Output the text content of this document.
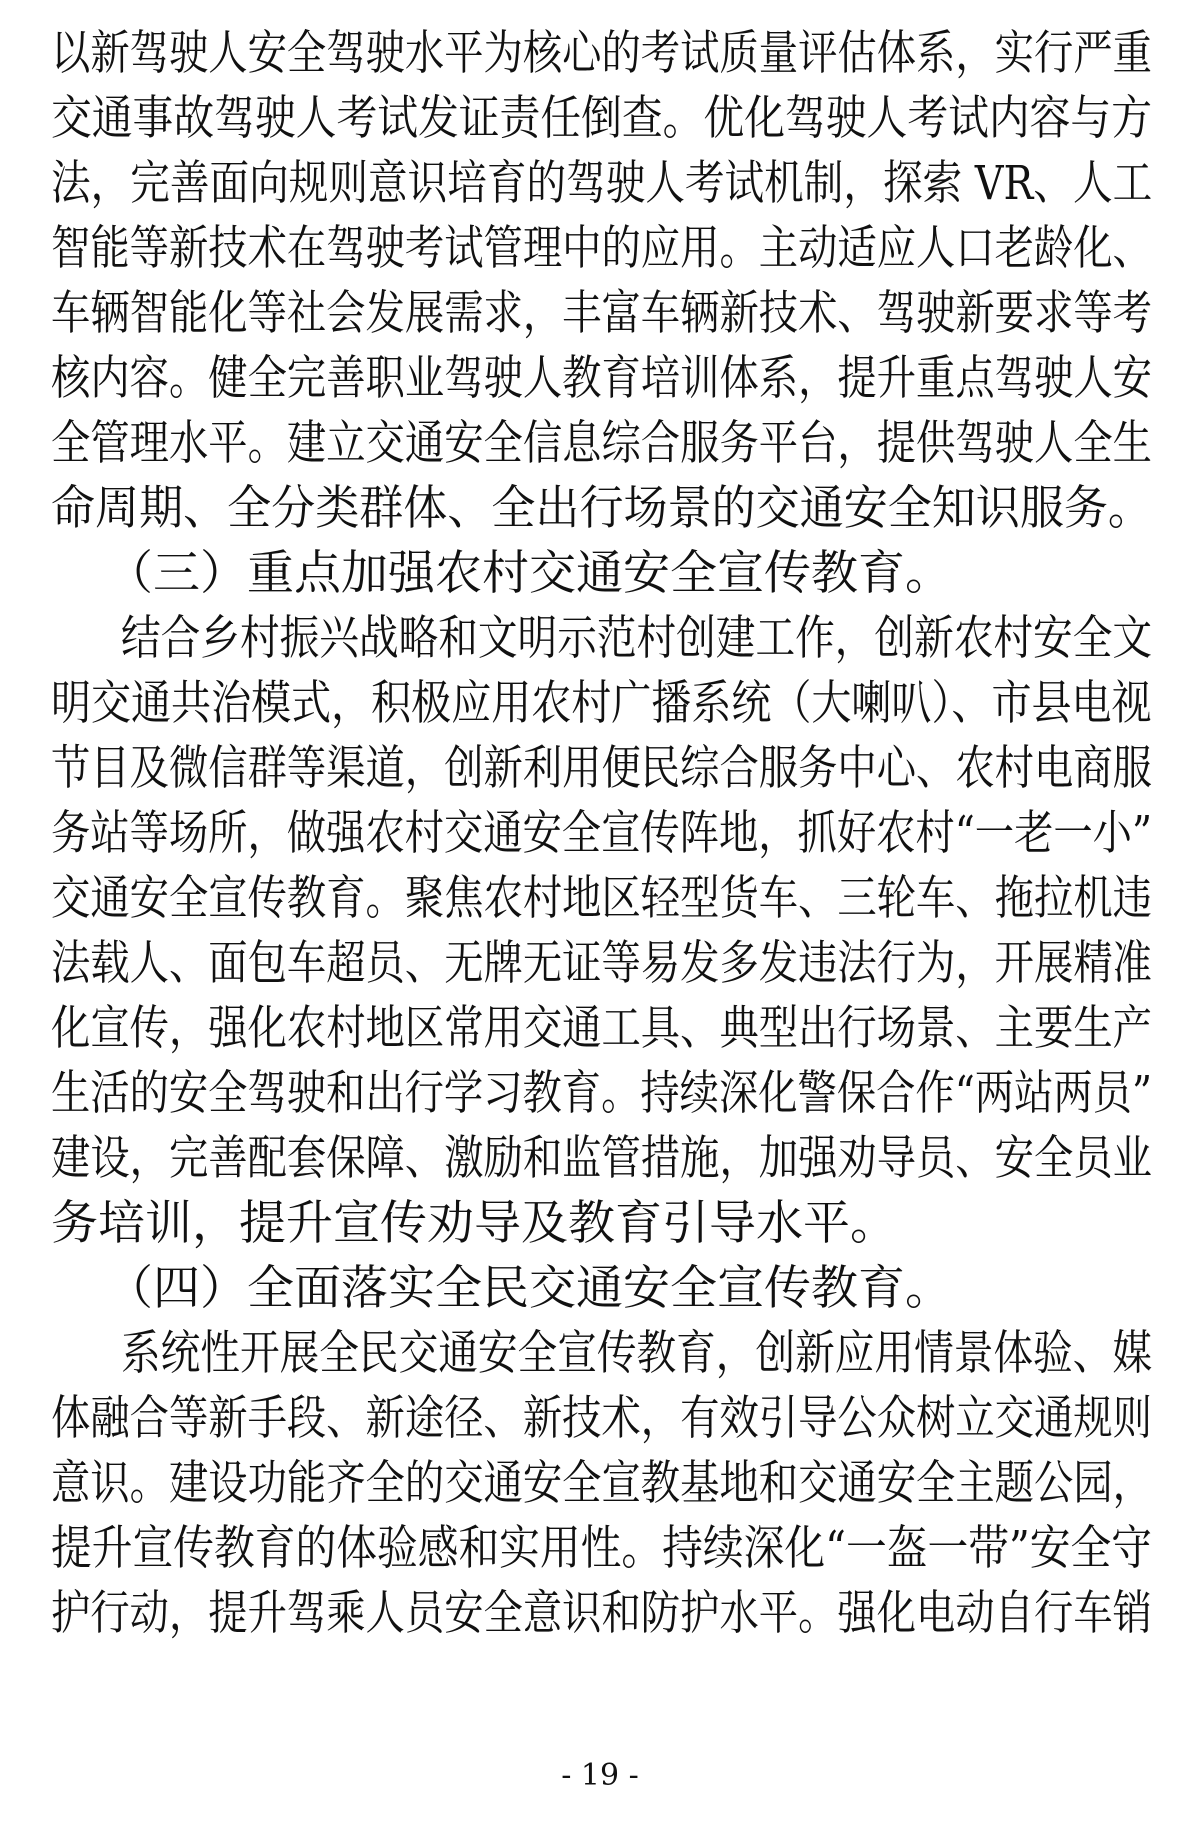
以新驾驶人安全驾驶水平为核心的考试质量评估体系，实行严重
交通事故驾驶人考试发证责任倒查。优化驾驶人考试内容与方
法，完善面向规则意识培育的驾驶人考试机制，探索 VR、人工
智能等新技术在驾驶考试管理中的应用。主动适应人口老龄化、
车辆智能化等社会发展需求，丰富车辆新技术、驾驶新要求等考
核内容。健全完善职业驾驶人教育培训体系，提升重点驾驶人安
全管理水平。建立交通安全信息综合服务平台，提供驾驶人全生
命周期、全分类群体、全出行场景的交通安全知识服务。
（三）重点加强农村交通安全宣传教育。
结合乡村振兴战略和文明示范村创建工作，创新农村安全文
明交通共治模式，积极应用农村广播系统（大喇叭）、市县电视
节目及微信群等渠道，创新利用便民综合服务中心、农村电商服
务站等场所，做强农村交通安全宣传阵地，抓好农村“一老一小”
交通安全宣传教育。聚焦农村地区轻型货车、三轮车、拖拉机违
法载人、面包车超员、无牌无证等易发多发违法行为，开展精准
化宣传，强化农村地区常用交通工具、典型出行场景、主要生产
生活的安全驾驶和出行学习教育。持续深化警保合作“两站两员”
建设，完善配套保障、激励和监管措施，加强劝导员、安全员业
务培训，提升宣传劝导及教育引导水平。
（四）全面落实全民交通安全宣传教育。
系统性开展全民交通安全宣传教育，创新应用情景体验、媒
体融合等新手段、新途径、新技术，有效引导公众树立交通规则
意识。建设功能齐全的交通安全宣教基地和交通安全主题公园，
提升宣传教育的体验感和实用性。持续深化“一盔一带”安全守
护行动，提升驾乘人员安全意识和防护水平。强化电动自行车销
- 19 -
